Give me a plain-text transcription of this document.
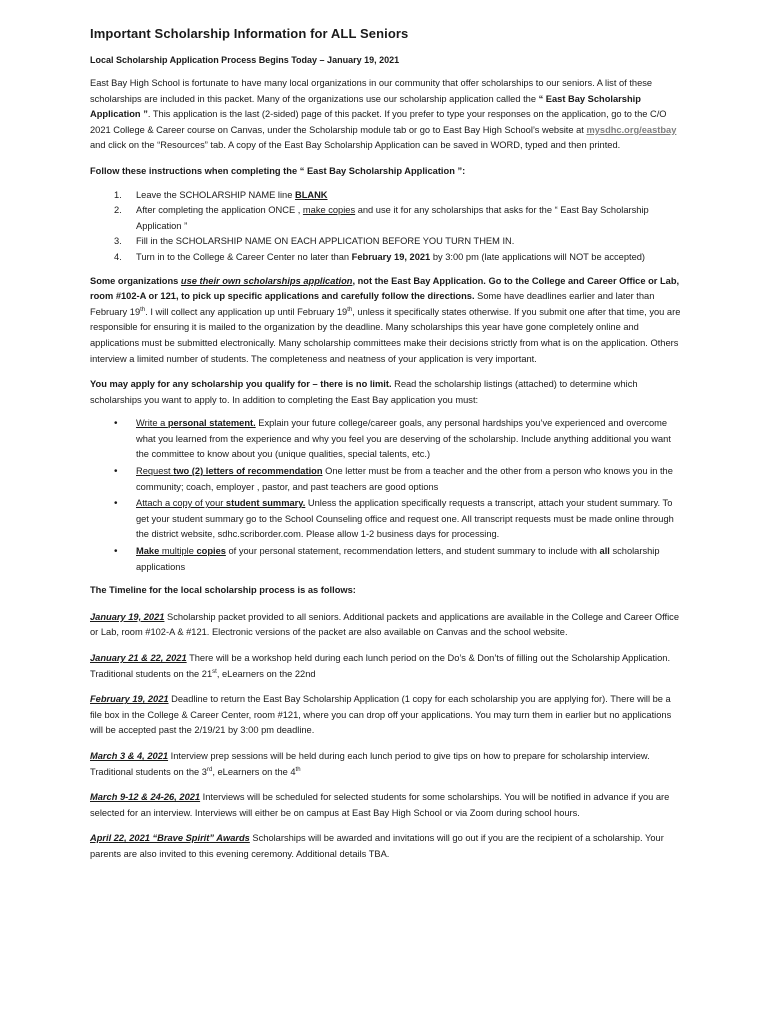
Important Scholarship Information for ALL Seniors
Local Scholarship Application Process Begins Today – January 19, 2021

East Bay High School is fortunate to have many local organizations in our community that offer scholarships to our seniors. A list of these scholarships are included in this packet. Many of the organizations use our scholarship application called the “ East Bay Scholarship Application ”. This application is the last (2-sided) page of this packet. If you prefer to type your responses on the application, go to the C/O 2021 College & Career course on Canvas, under the Scholarship module tab or go to East Bay High School’s website at mysdhc.org/eastbay and click on the “Resources” tab. A copy of the East Bay Scholarship Application can be saved in WORD, typed and then printed.

Follow these instructions when completing the “ East Bay Scholarship Application ”:

1.	Leave the SCHOLARSHIP NAME line BLANK
2.	After completing the application ONCE , make copies and use it for any scholarships that asks for the “ East Bay Scholarship Application ”
3.	Fill in the SCHOLARSHIP NAME ON EACH APPLICATION BEFORE YOU TURN THEM IN.
4.	Turn in to the College & Career Center no later than February 19, 2021 by 3:00 pm (late applications will NOT be accepted)

Some organizations use their own scholarships application, not the East Bay Application. Go to the College and Career Office or Lab, room #102-A or 121, to pick up specific applications and carefully follow the directions. Some have deadlines earlier and later than February 19th. I will collect any application up until February 19th, unless it specifically states otherwise. If you submit one after that time, you are responsible for ensuring it is mailed to the organization by the deadline. Many scholarships this year have gone completely online and applications must be submitted electronically. Many scholarship committees make their decisions strictly from what is on the application. Others interview a limited number of students. The completeness and neatness of your application is very important.

You may apply for any scholarship you qualify for – there is no limit. Read the scholarship listings (attached) to determine which scholarships you want to apply to. In addition to completing the East Bay application you must:

•	Write a personal statement. Explain your future college/career goals, any personal hardships you’ve experienced and overcome what you learned from the experience and why you feel you are deserving of the scholarship. Include anything additional you want the committee to know about you (unique qualities, special talents, etc.)
•	Request two (2) letters of recommendation One letter must be from a teacher and the other from a person who knows you in the community; coach, employer , pastor, and past teachers are good options
•	Attach a copy of your student summary. Unless the application specifically requests a transcript, attach your student summary. To get your student summary go to the School Counseling office and request one. All transcript requests must be made online through the district website, sdhc.scriborder.com. Please allow 1-2 business days for processing.
•	Make multiple copies of your personal statement, recommendation letters, and student summary to include with all scholarship applications

The Timeline for the local scholarship process is as follows:

January 19, 2021 Scholarship packet provided to all seniors. Additional packets and applications are available in the College and Career Office or Lab, room #102-A & #121. Electronic versions of the packet are also available on Canvas and the school website.

January 21 & 22, 2021 There will be a workshop held during each lunch period on the Do’s & Don’ts of filling out the Scholarship Application. Traditional students on the 21st, eLearners on the 22nd

February 19, 2021 Deadline to return the East Bay Scholarship Application (1 copy for each scholarship you are applying for). There will be a file box in the College & Career Center, room #121, where you can drop off your applications. You may turn them in earlier but no applications will be accepted past the 2/19/21 by 3:00 pm deadline.

March 3 & 4, 2021 Interview prep sessions will be held during each lunch period to give tips on how to prepare for scholarship interview. Traditional students on the 3rd, eLearners on the 4th

March 9-12 & 24-26, 2021 Interviews will be scheduled for selected students for some scholarships. You will be notified in advance if you are selected for an interview. Interviews will either be on campus at East Bay High School or via Zoom during school hours.

April 22, 2021 “Brave Spirit” Awards Scholarships will be awarded and invitations will go out if you are the recipient of a scholarship. Your parents are also invited to this evening ceremony. Additional details TBA.
